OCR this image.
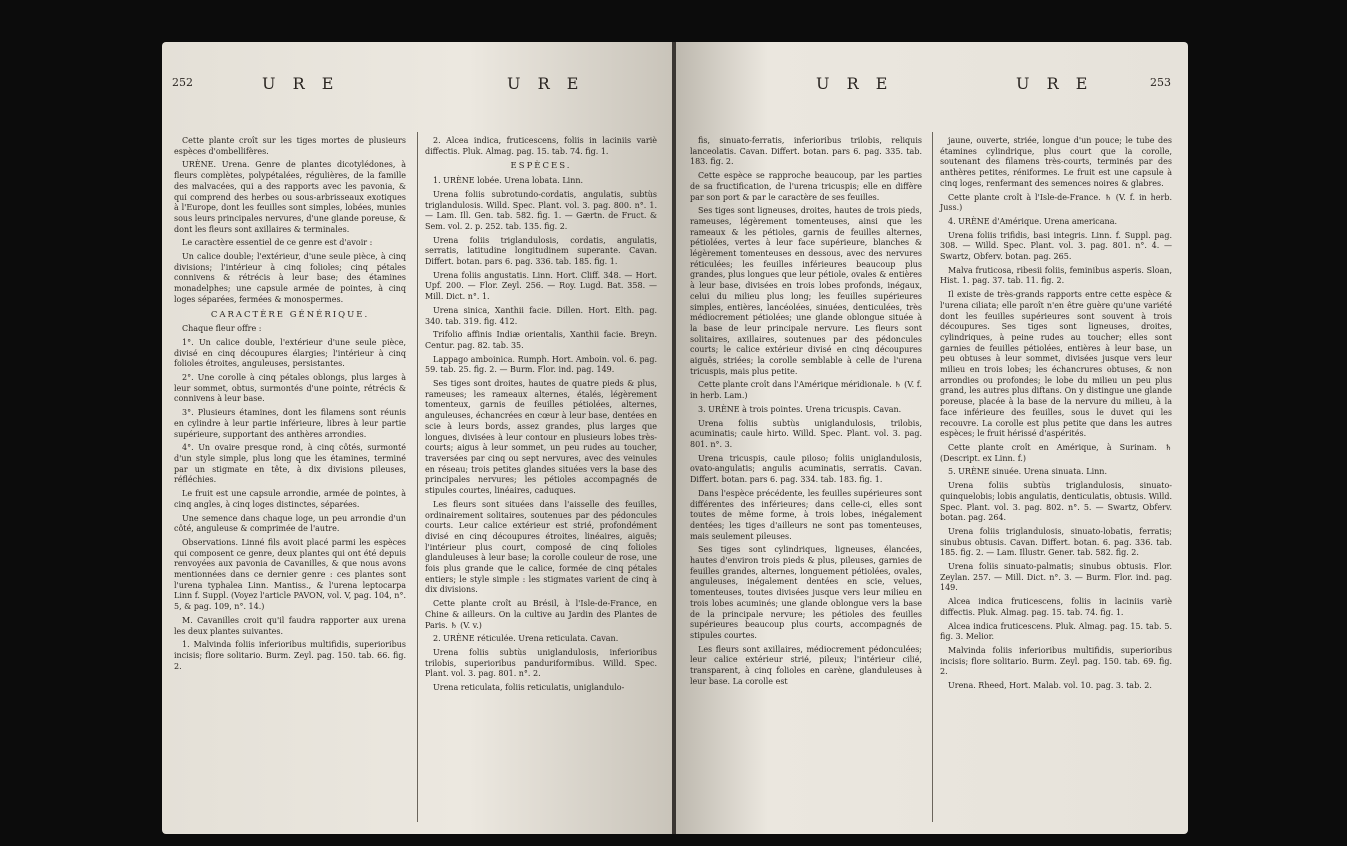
252	U R E	U R E

Cette plante croît sur les tiges mortes de plusieurs espèces d'ombellifères.

URÈNE. Urena. Genre de plantes dicotylédones, à fleurs complètes, polypétalées, régulières, de la famille des malvacées, qui a des rapports avec les pavonia, & qui comprend des herbes ou sous-arbrisseaux exotiques à l'Europe, dont les feuilles sont simples, lobées, munies sous leurs principales nervures, d'une glande poreuse, & dont les fleurs sont axillaires & terminales.

Le caractère essentiel de ce genre est d'avoir :

Un calice double; l'extérieur, d'une seule pièce, à cinq divisions; l'intérieur à cinq folioles; cinq pétales connivens & rétrécis à leur base; des étamines monadelphes; une capsule armée de pointes, à cinq loges séparées, fermées & monospermes.

CARACTÈRE GÉNÉRIQUE.

Chaque fleur offre :

1°. Un calice double, l'extérieur d'une seule pièce, divisé en cinq découpures élargies; l'intérieur à cinq folioles étroites, anguleuses, persistantes.

2°. Une corolle à cinq pétales oblongs, plus larges à leur sommet, obtus, surmontés d'une pointe, rétrécis & connivens à leur base.

3°. Plusieurs étamines, dont les filamens sont réunis en cylindre à leur partie inférieure, libres à leur partie supérieure, supportant des anthères arrondies.

4°. Un ovaire presque rond, à cinq côtés, surmonté d'un style simple, plus long que les étamines, terminé par un stigmate en tête, à dix divisions pileuses, réfléchies.

Le fruit est une capsule arrondie, armée de pointes, à cinq angles, à cinq loges distinctes, séparées.

Une semence dans chaque loge, un peu arrondie d'un côté, anguleuse & comprimée de l'autre.

Observations. Linné fils avoit placé parmi les espèces qui composent ce genre, deux plantes qui ont été depuis renvoyées aux pavonia de Cavanilles, & que nous avons mentionnées dans ce dernier genre : ces plantes sont l'urena typhalea Linn. Mantiss., & l'urena leptocarpa Linn f. Suppl. (Voyez l'article PAVON, vol. V, pag. 104, n°. 5, & pag. 109, n°. 14.)

M. Cavanilles croit qu'il faudra rapporter aux urena les deux plantes suivantes.

1. Malvinda foliis inferioribus multifidis, superioribus incisis; flore solitario. Burm. Zeyl. pag. 150. tab. 66. fig. 2.

2. Alcea indica, fruticescens, foliis in laciniis variè diffectis. Pluk. Almag. pag. 15. tab. 74. fig. 1.

ESPÈCES.

1. URÈNE lobée. Urena lobata. Linn.

Urena foliis subrotundo-cordatis, angulatis, subtùs triglandulosis. Willd. Spec. Plant. vol. 3. pag. 800. n°. 1. — Lam. Ill. Gen. tab. 582. fig. 1. — Gærtn. de Fruct. & Sem. vol. 2. p. 252. tab. 135. fig. 2.

Urena foliis triglandulosis, cordatis, angulatis, serratis, latitudine longitudinem superante. Cavan. Differt. botan. pars 6. pag. 336. tab. 185. fig. 1.

Urena foliis angustatis. Linn. Hort. Cliff. 348. — Hort. Upf. 200. — Flor. Zeyl. 256. — Roy. Lugd. Bat. 358. — Mill. Dict. n°. 1.

Urena sinica, Xanthii facie. Dillen. Hort. Elth. pag. 340. tab. 319. fig. 412.

Trifolio affinis Indiæ orientalis, Xanthii facie. Breyn. Centur. pag. 82. tab. 35.

Lappago amboinica. Rumph. Hort. Amboin. vol. 6. pag. 59. tab. 25. fig. 2. — Burm. Flor. ind. pag. 149.

Ses tiges sont droites, hautes de quatre pieds & plus, rameuses; les rameaux alternes, étalés, légèrement tomenteux, garnis de feuilles pétiolées, alternes, anguleuses, échancrées en cœur à leur base, dentées en scie à leurs bords, assez grandes, plus larges que longues, divisées à leur contour en plusieurs lobes très-courts; aigus à leur sommet, un peu rudes au toucher, traversées par cinq ou sept nervures, avec des veinules en réseau; trois petites glandes situées vers la base des principales nervures; les pétioles accompagnés de stipules courtes, linéaires, caduques.

Les fleurs sont situées dans l'aisselle des feuilles, ordinairement solitaires, soutenues par des pédoncules courts. Leur calice extérieur est strié, profondément divisé en cinq découpures étroites, linéaires, aiguës; l'intérieur plus court, composé de cinq folioles glanduleuses à leur base; la corolle couleur de rose, une fois plus grande que le calice, formée de cinq pétales entiers; le style simple : les stigmates varient de cinq à dix divisions.

Cette plante croît au Brésil, à l'Isle-de-France, en Chine & ailleurs. On la cultive au Jardin des Plantes de Paris. ♄ (V. v.)

2. URÈNE réticulée. Urena reticulata. Cavan.

Urena foliis subtùs uniglandulosis, inferioribus trilobis, superioribus panduriformibus. Willd. Spec. Plant. vol. 3. pag. 801. n°. 2.

Urena reticulata, foliis reticulatis, uniglandulo-

U R E	U R E	253

fis, sinuato-ferratis, inferioribus trilobis, reliquis lanceolatis. Cavan. Differt. botan. pars 6. pag. 335. tab. 183. fig. 2.

Cette espèce se rapproche beaucoup, par les parties de sa fructification, de l'urena tricuspis; elle en diffère par son port & par le caractère de ses feuilles.

Ses tiges sont ligneuses, droites, hautes de trois pieds, rameuses, légèrement tomenteuses, ainsi que les rameaux & les pétioles, garnis de feuilles alternes, pétiolées, vertes à leur face supérieure, blanches & légèrement tomenteuses en dessous, avec des nervures réticulées; les feuilles inférieures beaucoup plus grandes, plus longues que leur pétiole, ovales & entières à leur base, divisées en trois lobes profonds, inégaux, celui du milieu plus long; les feuilles supérieures simples, entières, lancéolées, sinuées, denticulées, très médiocrement pétiolées; une glande oblongue située à la base de leur principale nervure. Les fleurs sont solitaires, axillaires, soutenues par des pédoncules courts; le calice extérieur divisé en cinq découpures aiguës, striées; la corolle semblable à celle de l'urena tricuspis, mais plus petite.

Cette plante croît dans l'Amérique méridionale. ♄ (V. f. in herb. Lam.)

3. URÈNE à trois pointes. Urena tricuspis. Cavan.

Urena foliis subtùs uniglandulosis, trilobis, acuminatis; caule hirto. Willd. Spec. Plant. vol. 3. pag. 801. n°. 3.

Urena tricuspis, caule piloso; foliis uniglandulosis, ovato-angulatis; angulis acuminatis, serratis. Cavan. Differt. botan. pars 6. pag. 334. tab. 183. fig. 1.

Dans l'espèce précédente, les feuilles supérieures sont différentes des inférieures; dans celle-ci, elles sont toutes de même forme, à trois lobes, inégalement dentées; les tiges d'ailleurs ne sont pas tomenteuses, mais seulement pileuses.

Ses tiges sont cylindriques, ligneuses, élancées, hautes d'environ trois pieds & plus, pileuses, garnies de feuilles grandes, alternes, longuement pétiolées, ovales, anguleuses, inégalement dentées en scie, velues, tomenteuses, toutes divisées jusque vers leur milieu en trois lobes acuminés; une glande oblongue vers la base de la principale nervure; les pétioles des feuilles supérieures beaucoup plus courts, accompagnés de stipules courtes.

Les fleurs sont axillaires, médiocrement pédonculées; leur calice extérieur strié, pileux; l'intérieur cilié, transparent, à cinq folioles en carène, glanduleuses à leur base. La corolle est

jaune, ouverte, striée, longue d'un pouce; le tube des étamines cylindrique, plus court que la corolle, soutenant des filamens très-courts, terminés par des anthères petites, réniformes. Le fruit est une capsule à cinq loges, renfermant des semences noires & glabres.

Cette plante croît à l'Isle-de-France. ♄ (V. f. in herb. Juss.)

4. URÈNE d'Amérique. Urena americana.

Urena foliis trifidis, basi integris. Linn. f. Suppl. pag. 308. — Willd. Spec. Plant. vol. 3. pag. 801. n°. 4. — Swartz, Obferv. botan. pag. 265.

Malva fruticosa, ribesii foliis, feminibus asperis. Sloan, Hist. 1. pag. 37. tab. 11. fig. 2.

Il existe de très-grands rapports entre cette espèce & l'urena ciliata; elle paroît n'en être guère qu'une variété dont les feuilles supérieures sont souvent à trois découpures. Ses tiges sont ligneuses, droites, cylindriques, à peine rudes au toucher; elles sont garnies de feuilles pétiolées, entières à leur base, un peu obtuses à leur sommet, divisées jusque vers leur milieu en trois lobes; les échancrures obtuses, & non arrondies ou profondes; le lobe du milieu un peu plus grand, les autres plus diftans. On y distingue une glande poreuse, placée à la base de la nervure du milieu, à la face inférieure des feuilles, sous le duvet qui les recouvre. La corolle est plus petite que dans les autres espèces; le fruit hérissé d'aspérités.

Cette plante croît en Amérique, à Surinam. ♄ (Descript. ex Linn. f.)

5. URÈNE sinuée. Urena sinuata. Linn.

Urena foliis subtùs triglandulosis, sinuato-quinquelobis; lobis angulatis, denticulatis, obtusis. Willd. Spec. Plant. vol. 3. pag. 802. n°. 5. — Swartz, Obferv. botan. pag. 264.

Urena foliis triglandulosis, sinuato-lobatis, ferratis; sinubus obtusis. Cavan. Differt. botan. 6. pag. 336. tab. 185. fig. 2. — Lam. Illustr. Gener. tab. 582. fig. 2.

Urena foliis sinuato-palmatis; sinubus obtusis. Flor. Zeylan. 257. — Mill. Dict. n°. 3. — Burm. Flor. ind. pag. 149.

Alcea indica fruticescens, foliis in laciniis variè diffectis. Pluk. Almag. pag. 15. tab. 74. fig. 1.

Alcea indica fruticescens. Pluk. Almag. pag. 15. tab. 5. fig. 3. Melior.

Malvinda foliis inferioribus multifidis, superioribus incisis; flore solitario. Burm. Zeyl. pag. 150. tab. 69. fig. 2.

Urena. Rheed, Hort. Malab. vol. 10. pag. 3. tab. 2.
